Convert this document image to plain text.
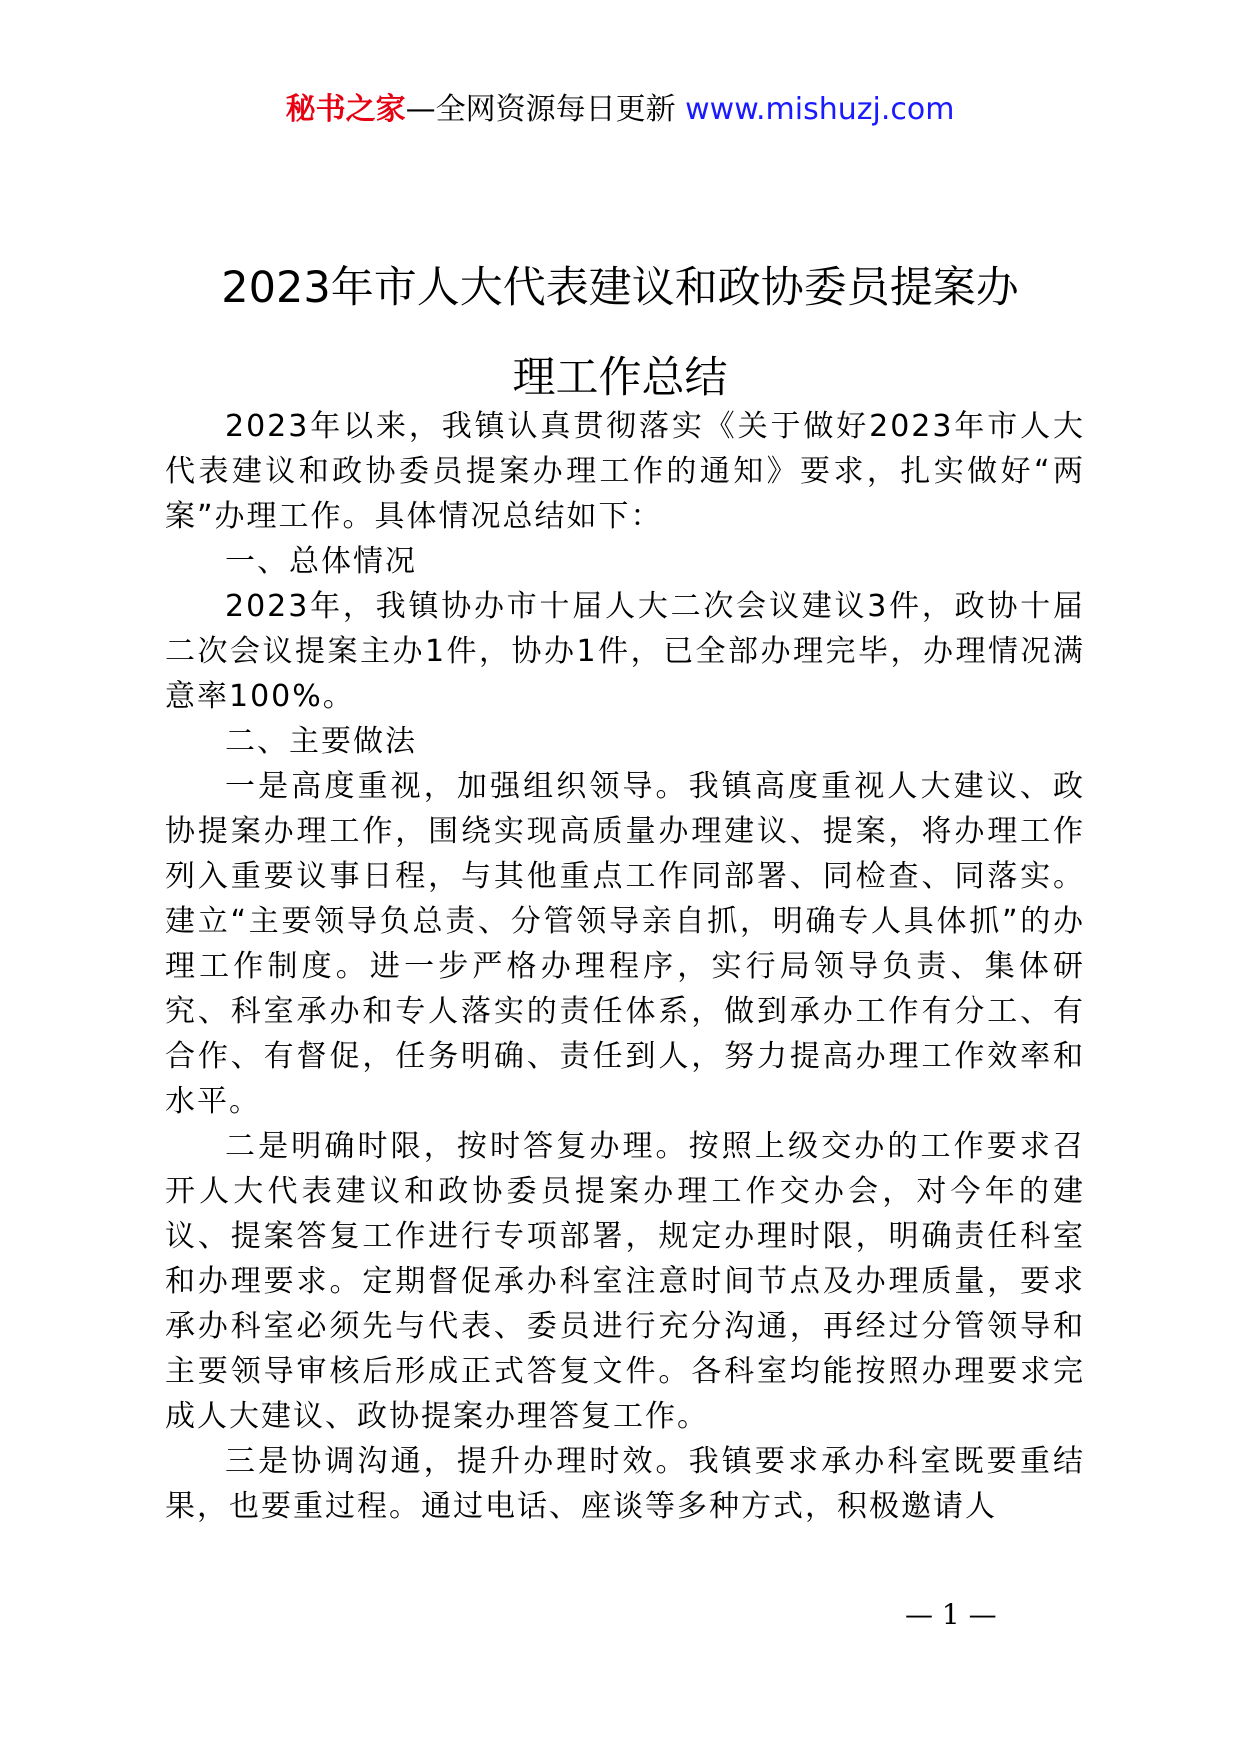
秘书之家—全网资源每日更新 www.mishuzj.com
2023年市人大代表建议和政协委员提案办
理工作总结

2023年以来，我镇认真贯彻落实《关于做好2023年市人大代表建议和政协委员提案办理工作的通知》要求，扎实做好“两案”办理工作。具体情况总结如下：

一、总体情况

2023年，我镇协办市十届人大二次会议建议3件，政协十届二次会议提案主办1件，协办1件，已全部办理完毕，办理情况满意率100%。

二、主要做法

一是高度重视，加强组织领导。我镇高度重视人大建议、政协提案办理工作，围绕实现高质量办理建议、提案，将办理工作列入重要议事日程，与其他重点工作同部署、同检查、同落实。建立“主要领导负总责、分管领导亲自抓，明确专人具体抓”的办理工作制度。进一步严格办理程序，实行局领导负责、集体研究、科室承办和专人落实的责任体系，做到承办工作有分工、有合作、有督促，任务明确、责任到人，努力提高办理工作效率和水平。

二是明确时限，按时答复办理。按照上级交办的工作要求召开人大代表建议和政协委员提案办理工作交办会，对今年的建议、提案答复工作进行专项部署，规定办理时限，明确责任科室和办理要求。定期督促承办科室注意时间节点及办理质量，要求承办科室必须先与代表、委员进行充分沟通，再经过分管领导和主要领导审核后形成正式答复文件。各科室均能按照办理要求完成人大建议、政协提案办理答复工作。

三是协调沟通，提升办理时效。我镇要求承办科室既要重结果，也要重过程。通过电话、座谈等多种方式，积极邀请人

— 1 —
